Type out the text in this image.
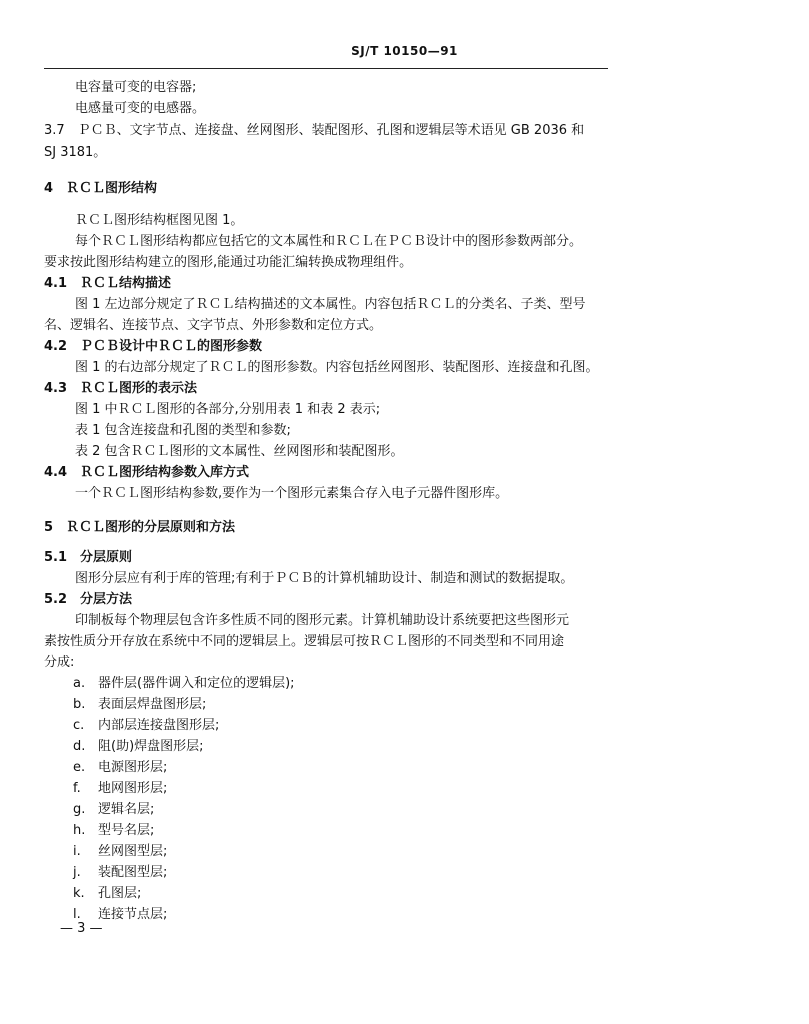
SJ/T 10150—91
电容量可变的电容器;
电感量可变的电感器。
3.7　ＰＣＢ、文字节点、连接盘、丝网图形、装配图形、孔图和逻辑层等术语见 GB 2036 和
SJ 3181。
4　ＲＣＬ图形结构
ＲＣＬ图形结构框图见图 1。
每个ＲＣＬ图形结构都应包括它的文本属性和ＲＣＬ在ＰＣＢ设计中的图形参数两部分。
要求按此图形结构建立的图形,能通过功能汇编转换成物理组件。
4.1　ＲＣＬ结构描述
图 1 左边部分规定了ＲＣＬ结构描述的文本属性。内容包括ＲＣＬ的分类名、子类、型号
名、逻辑名、连接节点、文字节点、外形参数和定位方式。
4.2　ＰＣＢ设计中ＲＣＬ的图形参数
图 1 的右边部分规定了ＲＣＬ的图形参数。内容包括丝网图形、装配图形、连接盘和孔图。
4.3　ＲＣＬ图形的表示法
图 1 中ＲＣＬ图形的各部分,分别用表 1 和表 2 表示;
表 1 包含连接盘和孔图的类型和参数;
表 2 包含ＲＣＬ图形的文本属性、丝网图形和装配图形。
4.4　ＲＣＬ图形结构参数入库方式
一个ＲＣＬ图形结构参数,要作为一个图形元素集合存入电子元器件图形库。
5　ＲＣＬ图形的分层原则和方法
5.1　分层原则
图形分层应有利于库的管理;有利于ＰＣＢ的计算机辅助设计、制造和测试的数据提取。
5.2　分层方法
印制板每个物理层包含许多性质不同的图形元素。计算机辅助设计系统要把这些图形元
素按性质分开存放在系统中不同的逻辑层上。逻辑层可按ＲＣＬ图形的不同类型和不同用途
分成:
a. 器件层(器件调入和定位的逻辑层);
b. 表面层焊盘图形层;
c. 内部层连接盘图形层;
d. 阻(助)焊盘图形层;
e. 电源图形层;
f. 地网图形层;
g. 逻辑名层;
h. 型号名层;
i. 丝网图型层;
j. 装配图型层;
k. 孔图层;
l. 连接节点层;
— 3 —
